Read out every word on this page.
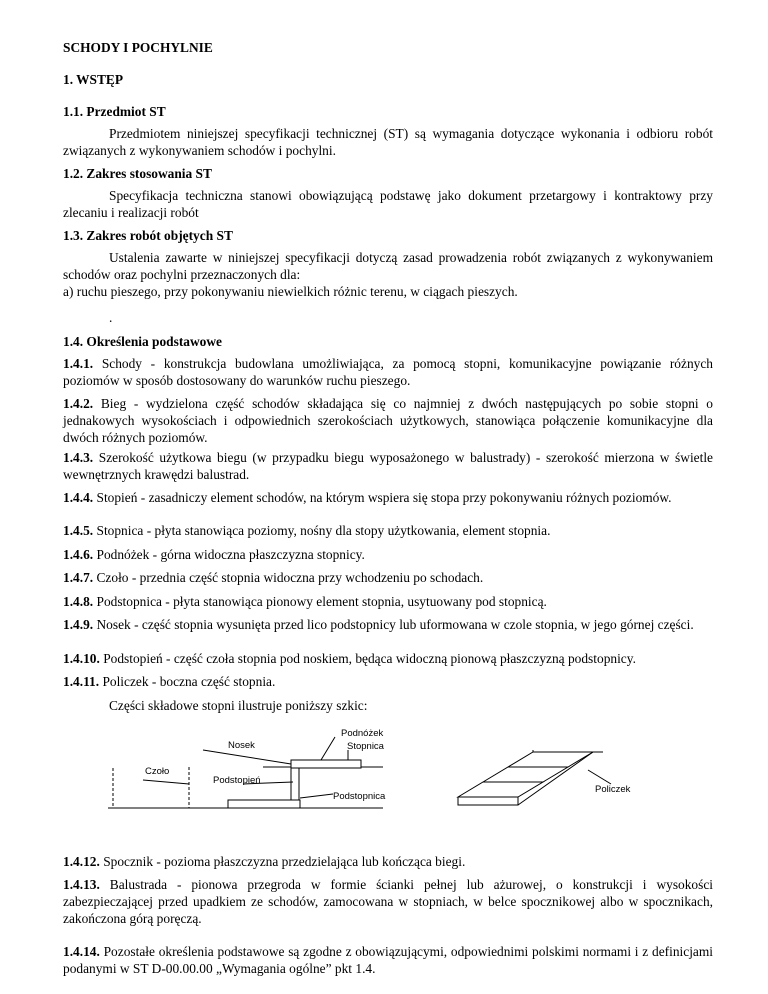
SCHODY I POCHYLNIE
1. WSTĘP
1.1. Przedmiot ST
Przedmiotem niniejszej specyfikacji technicznej (ST) są wymagania dotyczące wykonania i odbioru robót związanych z wykonywaniem schodów i pochylni.
1.2. Zakres stosowania ST
Specyfikacja techniczna stanowi obowiązującą podstawę jako dokument przetargowy i kontraktowy przy zlecaniu i realizacji robót
1.3. Zakres robót objętych ST
Ustalenia zawarte w niniejszej specyfikacji dotyczą zasad prowadzenia robót związanych z wykonywaniem schodów oraz pochylni przeznaczonych dla:
a) ruchu pieszego, przy pokonywaniu niewielkich różnic terenu, w ciągach pieszych.
.
1.4. Określenia podstawowe
1.4.1. Schody - konstrukcja budowlana umożliwiająca, za pomocą stopni, komunikacyjne powiązanie różnych poziomów w sposób dostosowany do warunków ruchu pieszego.
1.4.2. Bieg - wydzielona część schodów składająca się co najmniej z dwóch następujących po sobie stopni o jednakowych wysokościach i odpowiednich szerokościach użytkowych, stanowiąca połączenie komunikacyjne dla dwóch różnych poziomów.
1.4.3. Szerokość użytkowa biegu (w przypadku biegu wyposażonego w balustrady) - szerokość mierzona w świetle wewnętrznych krawędzi balustrad.
1.4.4. Stopień - zasadniczy element schodów, na którym wspiera się stopa przy pokonywaniu różnych poziomów.
1.4.5. Stopnica - płyta stanowiąca poziomy, nośny dla stopy użytkowania, element stopnia.
1.4.6. Podnóżek - górna widoczna płaszczyzna stopnicy.
1.4.7. Czoło - przednia część stopnia widoczna przy wchodzeniu po schodach.
1.4.8. Podstopnica - płyta stanowiąca pionowy element stopnia, usytuowany pod stopnicą.
1.4.9. Nosek - część stopnia wysunięta przed lico podstopnicy lub uformowana w czole stopnia, w jego górnej części.
1.4.10. Podstopień - część czoła stopnia pod noskiem, będąca widoczną pionową płaszczyzną podstopnicy.
1.4.11. Policzek - boczna część stopnia.
Części składowe stopni ilustruje poniższy szkic:
Podnóżek
Nosek	Stopnica
Czoło
Podstopień
Podstopnica
Policzek
1.4.12. Spocznik - pozioma płaszczyzna przedzielająca lub kończąca biegi.
1.4.13. Balustrada - pionowa przegroda w formie ścianki pełnej lub ażurowej, o konstrukcji i wysokości zabezpieczającej przed upadkiem ze schodów, zamocowana w stopniach, w belce spocznikowej albo w spocznikach, zakończona górą poręczą.
1.4.14. Pozostałe określenia podstawowe są zgodne z obowiązującymi, odpowiednimi polskimi normami i z definicjami podanymi w ST D-00.00.00 „Wymagania ogólne” pkt 1.4.
